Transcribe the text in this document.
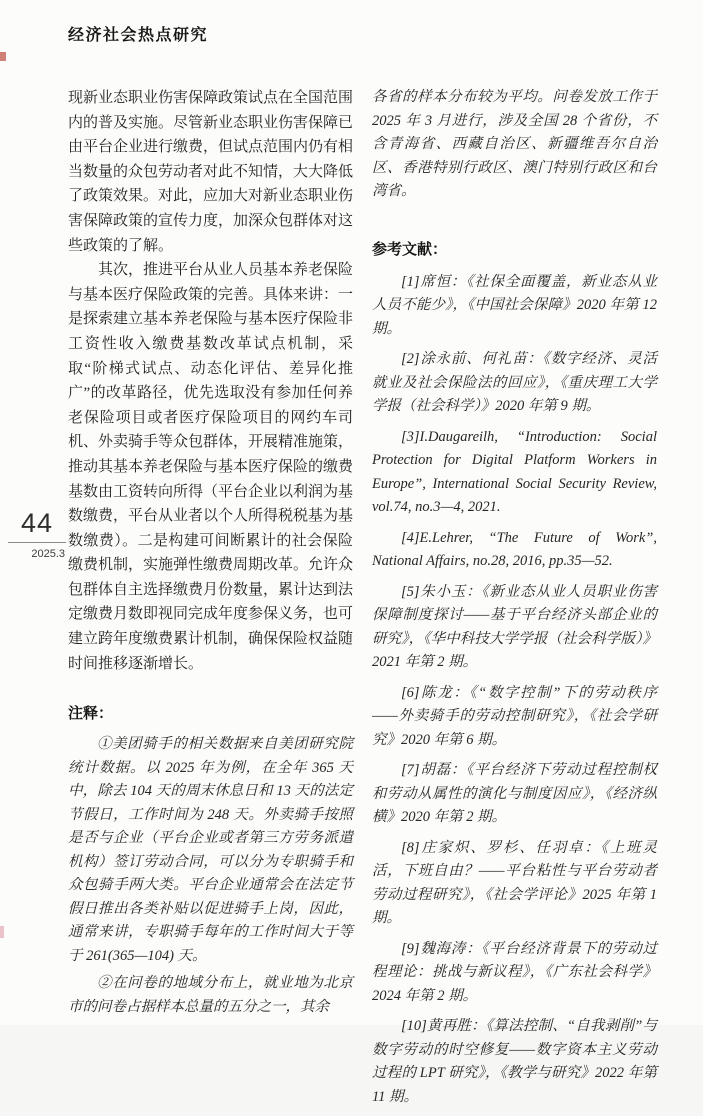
经济社会热点研究
44
2025.3

现新业态职业伤害保障政策试点在全国范围内的普及实施。尽管新业态职业伤害保障已由平台企业进行缴费，但试点范围内仍有相当数量的众包劳动者对此不知情，大大降低了政策效果。对此，应加大对新业态职业伤害保障政策的宣传力度，加深众包群体对这些政策的了解。

其次，推进平台从业人员基本养老保险与基本医疗保险政策的完善。具体来讲：一是探索建立基本养老保险与基本医疗保险非工资性收入缴费基数改革试点机制，采取“阶梯式试点、动态化评估、差异化推广”的改革路径，优先选取没有参加任何养老保险项目或者医疗保险项目的网约车司机、外卖骑手等众包群体，开展精准施策，推动其基本养老保险与基本医疗保险的缴费基数由工资转向所得（平台企业以利润为基数缴费，平台从业者以个人所得税税基为基数缴费）。二是构建可间断累计的社会保险缴费机制，实施弹性缴费周期改革。允许众包群体自主选择缴费月份数量，累计达到法定缴费月数即视同完成年度参保义务，也可建立跨年度缴费累计机制，确保保险权益随时间推移逐渐增长。

注释：

①美团骑手的相关数据来自美团研究院统计数据。以 2025 年为例，在全年 365 天中，除去 104 天的周末休息日和 13 天的法定节假日，工作时间为 248 天。外卖骑手按照是否与企业（平台企业或者第三方劳务派遣机构）签订劳动合同，可以分为专职骑手和众包骑手两大类。平台企业通常会在法定节假日推出各类补贴以促进骑手上岗，因此，通常来讲，专职骑手每年的工作时间大于等于 261(365—104) 天。

②在问卷的地域分布上，就业地为北京市的问卷占据样本总量的五分之一，其余

各省的样本分布较为平均。问卷发放工作于 2025 年 3 月进行，涉及全国 28 个省份，不含青海省、西藏自治区、新疆维吾尔自治区、香港特别行政区、澳门特别行政区和台湾省。

参考文献：

[1]席恒：《社保全面覆盖，新业态从业人员不能少》，《中国社会保障》2020 年第 12 期。

[2]涂永前、何礼苗：《数字经济、灵活就业及社会保险法的回应》，《重庆理工大学学报（社会科学）》2020 年第 9 期。

[3]I.Daugareilh, “Introduction: Social Protection for Digital Platform Workers in Europe”, International Social Security Review, vol.74, no.3—4, 2021.

[4]E.Lehrer, “The Future of Work”, National Affairs, no.28, 2016, pp.35—52.

[5]朱小玉：《新业态从业人员职业伤害保障制度探讨——基于平台经济头部企业的研究》，《华中科技大学学报（社会科学版）》2021 年第 2 期。

[6]陈龙：《“数字控制”下的劳动秩序——外卖骑手的劳动控制研究》，《社会学研究》2020 年第 6 期。

[7]胡磊：《平台经济下劳动过程控制权和劳动从属性的演化与制度因应》，《经济纵横》2020 年第 2 期。

[8]庄家炽、罗杉、任羽卓：《上班灵活，下班自由？——平台粘性与平台劳动者劳动过程研究》，《社会学评论》2025 年第 1 期。

[9]魏海涛：《平台经济背景下的劳动过程理论：挑战与新议程》，《广东社会科学》2024 年第 2 期。

[10]黄再胜：《算法控制、“自我剥削”与数字劳动的时空修复——数字资本主义劳动过程的 LPT 研究》，《教学与研究》2022 年第 11 期。
